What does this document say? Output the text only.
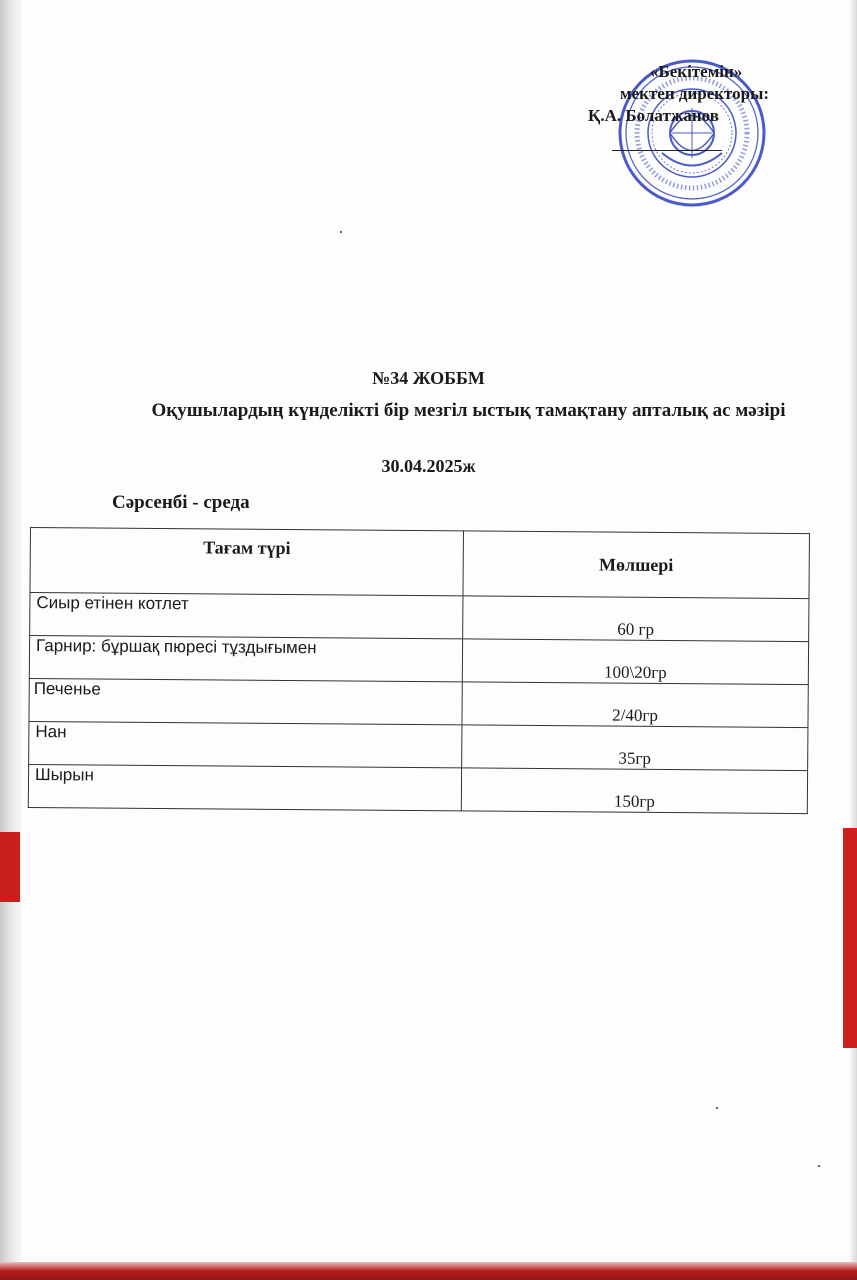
«Бекітемін»
мектеп директоры:
Қ.А. Болатжанов
№34 ЖОББМ
Оқушылардың күнделікті бір мезгіл ыстық тамақтану апталық ас мәзірі
30.04.2025ж
Сәрсенбі - среда
Тағам түрі	Мөлшері
Сиыр етінен котлет	60 гр
Гарнир: бұршақ пюресі тұздығымен	100\20гр
Печенье	2/40гр
Нан	35гр
Шырын	150гр
